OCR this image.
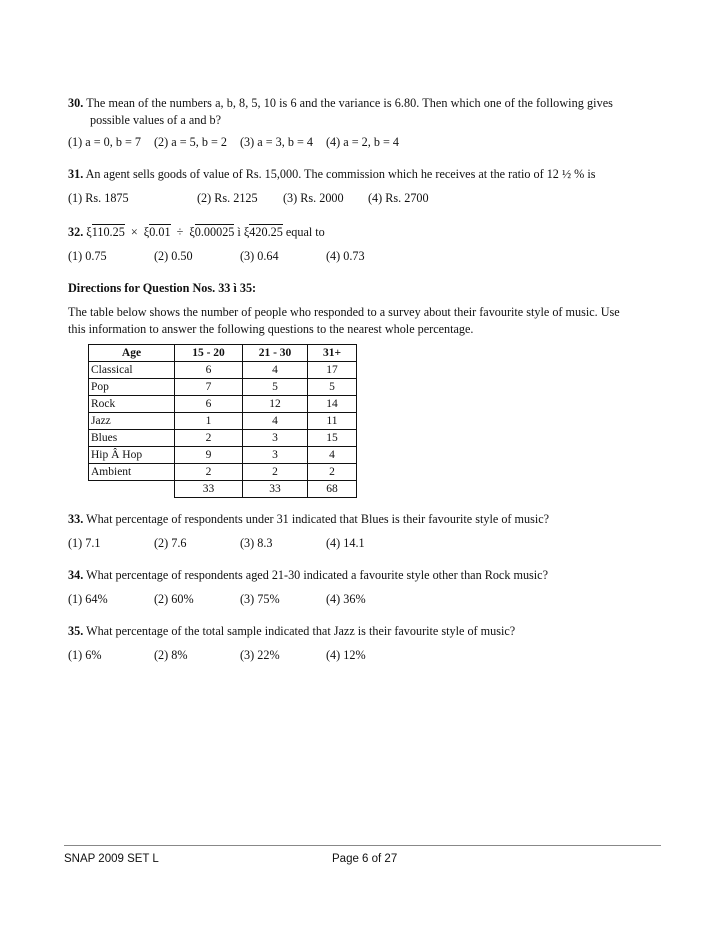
30. The mean of the numbers a, b, 8, 5, 10 is 6 and the variance is 6.80. Then which one of the following gives
possible values of a and b?
(1) a = 0, b = 7 (2) a = 5, b = 2 (3) a = 3, b = 4 (4) a = 2, b = 4
31. An agent sells goods of value of Rs. 15,000. The commission which he receives at the ratio of 12 ½ % is
(1) Rs. 1875	(2) Rs. 2125 (3) Rs. 2000 (4) Rs. 2700
32. ξ110.25 × ξ0.01 ÷ ξ0.00025 ì ξ420.25 equal to
(1) 0.75	(2) 0.50	(3) 0.64	(4) 0.73
Directions for Question Nos. 33 ì 35:
The table below shows the number of people who responded to a survey about their favourite style of music. Use
this information to answer the following questions to the nearest whole percentage.
Age	15 - 20	21 - 30	31+
Classical	6	4	17
Pop	7	5	5
Rock	6	12	14
Jazz	1	4	11
Blues	2	3	15
Hip Â Hop	9	3	4
Ambient	2	2	2
	33	33	68
33. What percentage of respondents under 31 indicated that Blues is their favourite style of music?
(1) 7.1	(2) 7.6	(3) 8.3	(4) 14.1
34. What percentage of respondents aged 21-30 indicated a favourite style other than Rock music?
(1) 64%	(2) 60%	(3) 75%	(4) 36%
35. What percentage of the total sample indicated that Jazz is their favourite style of music?
(1) 6%	(2) 8%	(3) 22%	(4) 12%
SNAP 2009 SET L	Page 6 of 27
